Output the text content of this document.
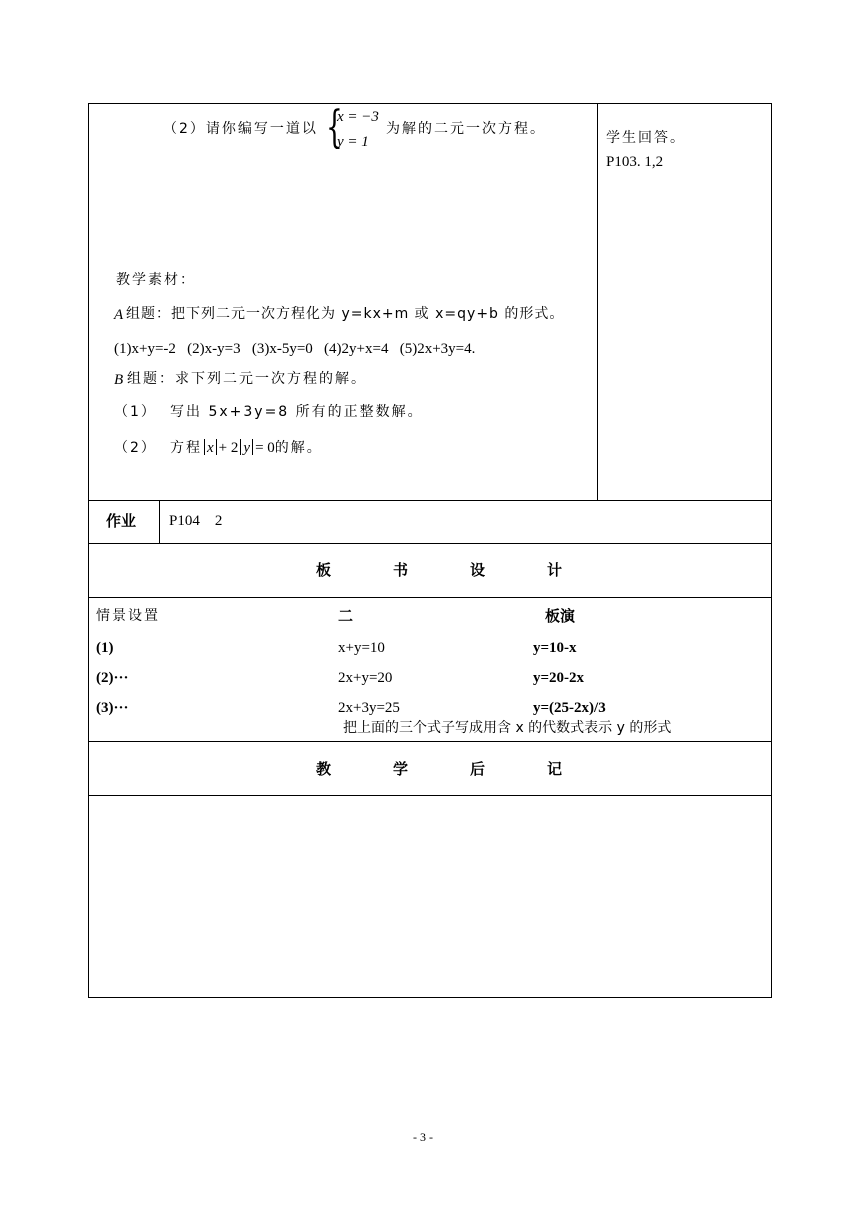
（2）请你编写一道以 {
x = −3
y = 1
为解的二元一次方程。
学生回答。
P103. 1,2
教学素材：
A 组题：把下列二元一次方程化为 y=kx+m 或 x=qy+b 的形式。
(1)x+y=-2   (2)x-y=3   (3)x-5y=0   (4)2y+x=4   (5)2x+3y=4.
B 组题：求下列二元一次方程的解。
（1） 写出 5x+3y=8 所有的正整数解。
（2） 方程 x + 2 y = 0的解。
作业 P104    2
板书设计
情景设置	二	板演
(1)	x+y=10	y=10-x
(2)···	2x+y=20	y=20-2x
(3)···	2x+3y=25	y=(25-2x)/3
把上面的三个式子写成用含 x 的代数式表示 y 的形式
教学后记
- 3 -
